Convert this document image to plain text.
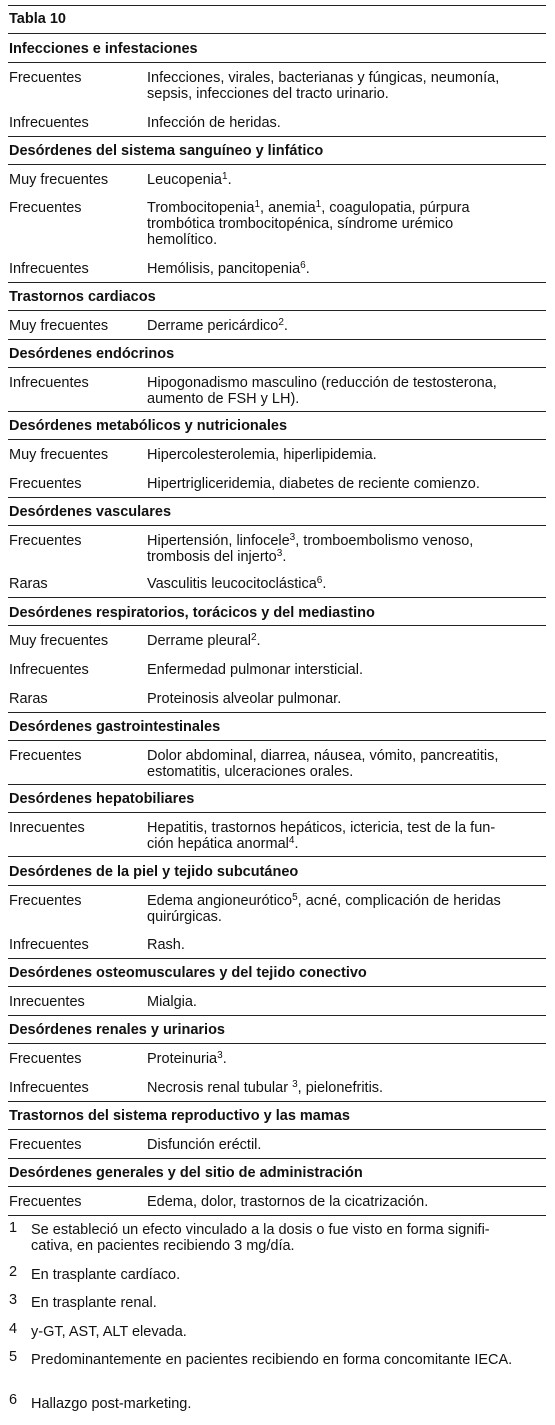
Tabla 10
Infecciones e infestaciones
Frecuentes	Infecciones, virales, bacterianas y fúngicas, neumonía,
sepsis, infecciones del tracto urinario.
Infrecuentes	Infección de heridas.
Desórdenes del sistema sanguíneo y linfático
Muy frecuentes	Leucopenia$^1$.
Frecuentes	Trombocitopenia$^1$, anemia$^1$, coagulopatia, púrpura
trombótica trombocitopénica, síndrome urémico
hemolítico.
Infrecuentes	Hemólisis, pancitopenia$^6$.
Trastornos cardiacos
Muy frecuentes	Derrame pericárdico$^2$.
Desórdenes endócrinos
Infrecuentes	Hipogonadismo masculino (reducción de testosterona,
aumento de FSH y LH).
Desórdenes metabólicos y nutricionales
Muy frecuentes	Hipercolesterolemia, hiperlipidemia.
Frecuentes	Hipertrigliceridemia, diabetes de reciente comienzo.
Desórdenes vasculares
Frecuentes	Hipertensión, linfocele$^3$, tromboembolismo venoso,
trombosis del injerto$^3$.
Raras	Vasculitis leucocitoclástica$^6$.
Desórdenes respiratorios, torácicos y del mediastino
Muy frecuentes	Derrame pleural$^2$.
Infrecuentes	Enfermedad pulmonar intersticial.
Raras	Proteinosis alveolar pulmonar.
Desórdenes gastrointestinales
Frecuentes	Dolor abdominal, diarrea, náusea, vómito, pancreatitis,
estomatitis, ulceraciones orales.
Desórdenes hepatobiliares
Inrecuentes	Hepatitis, trastornos hepáticos, ictericia, test de la fun-
ción hepática anormal$^4$.
Desórdenes de la piel y tejido subcutáneo
Frecuentes	Edema angioneurótico$^5$, acné, complicación de heridas
quirúrgicas.
Infrecuentes	Rash.
Desórdenes osteomusculares y del tejido conectivo
Inrecuentes	Mialgia.
Desórdenes renales y urinarios
Frecuentes	Proteinuria$^3$.
Infrecuentes	Necrosis renal tubular $^3$, pielonefritis.
Trastornos del sistema reproductivo y las mamas
Frecuentes	Disfunción eréctil.
Desórdenes generales y del sitio de administración
Frecuentes	Edema, dolor, trastornos de la cicatrización.
1 Se estableció un efecto vinculado a la dosis o fue visto en forma signifi-
cativa, en pacientes recibiendo 3 mg/día.
2 En trasplante cardíaco.
3 En trasplante renal.
4 y-GT, AST, ALT elevada.
5 Predominantemente en pacientes recibiendo en forma concomitante IECA.
6 Hallazgo post-marketing.
